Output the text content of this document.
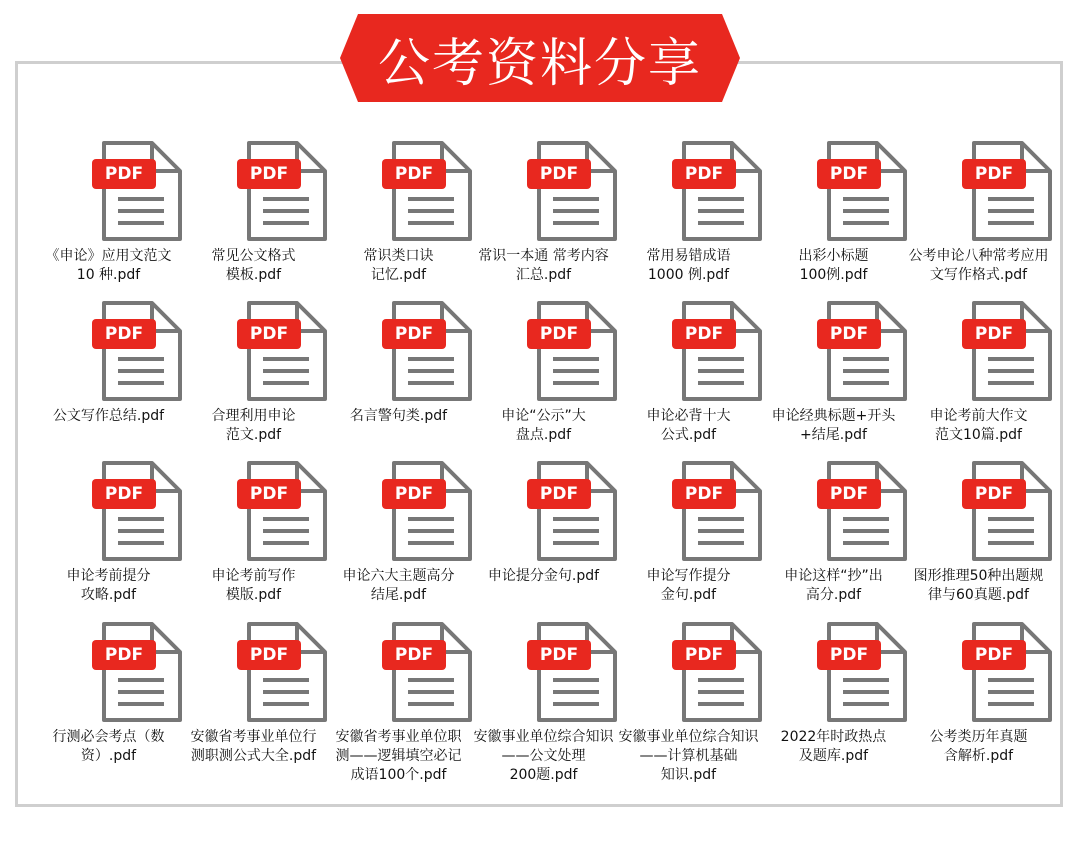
公考资料分享
PDF
《申论》应用文范文
10 种.pdf
PDF
常见公文格式
模板.pdf
PDF
常识类口诀
记忆.pdf
PDF
常识一本通 常考内容
汇总.pdf
PDF
常用易错成语
1000 例.pdf
PDF
出彩小标题
100例.pdf
PDF
公考申论八种常考应用
文写作格式.pdf
PDF
公文写作总结.pdf
PDF
合理利用申论
范文.pdf
PDF
名言警句类.pdf
PDF
申论“公示”大
盘点.pdf
PDF
申论必背十大
公式.pdf
PDF
申论经典标题+开头
+结尾.pdf
PDF
申论考前大作文
范文10篇.pdf
PDF
申论考前提分
攻略.pdf
PDF
申论考前写作
模版.pdf
PDF
申论六大主题高分
结尾.pdf
PDF
申论提分金句.pdf
PDF
申论写作提分
金句.pdf
PDF
申论这样“抄”出
高分.pdf
PDF
图形推理50种出题规
律与60真题.pdf
PDF
行测必会考点（数
资）.pdf
PDF
安徽省考事业单位行
测职测公式大全.pdf
PDF
安徽省考事业单位职
测——逻辑填空必记
成语100个.pdf
PDF
安徽事业单位综合知识
——公文处理
200题.pdf
PDF
安徽事业单位综合知识
——计算机基础
知识.pdf
PDF
2022年时政热点
及题库.pdf
PDF
公考类历年真题
含解析.pdf
